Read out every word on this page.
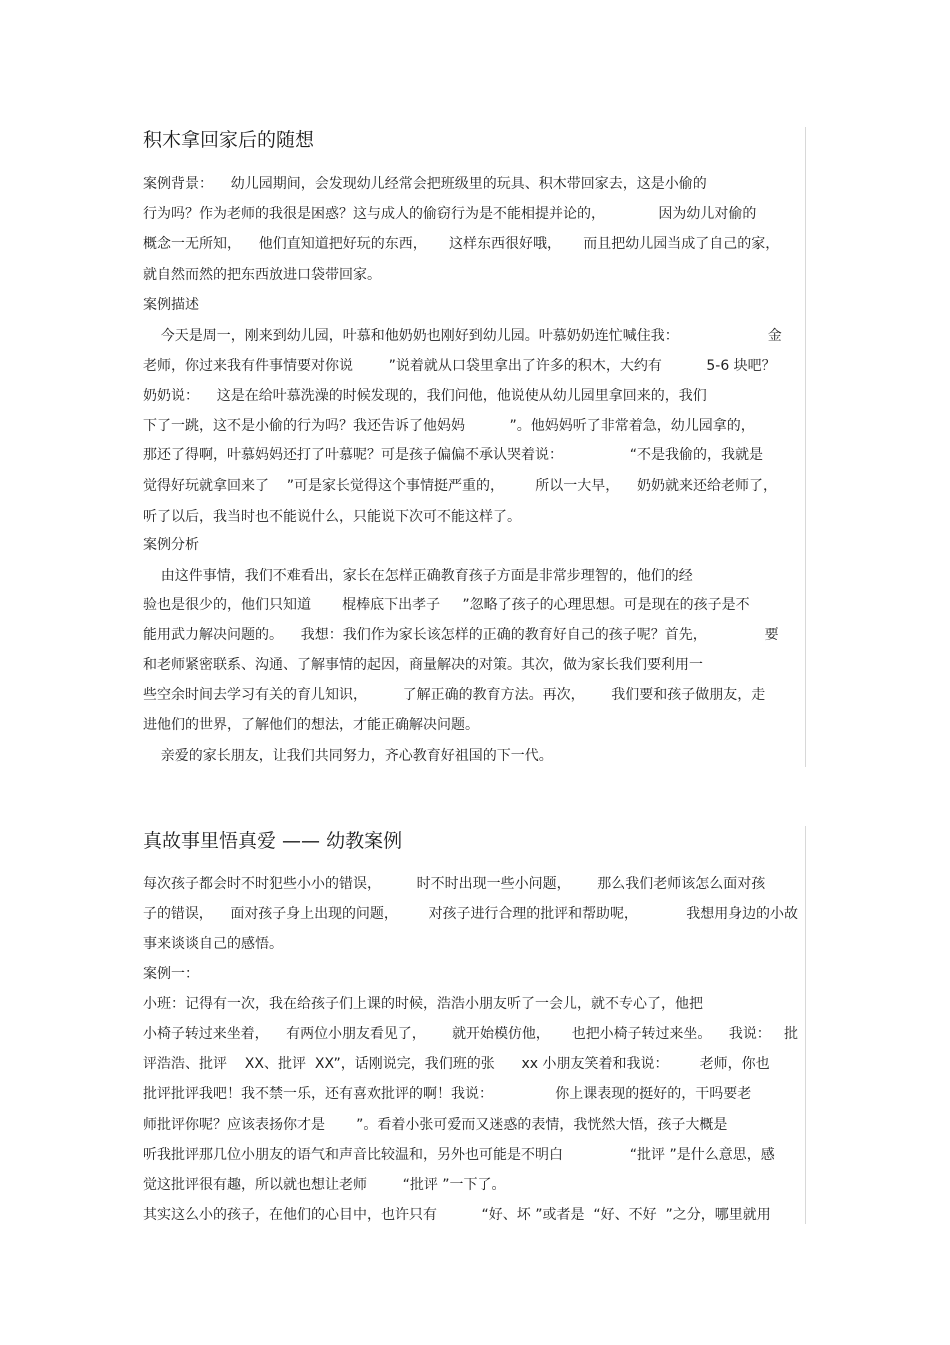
积木拿回家后的随想
案例背景：    幼儿园期间，会发现幼儿经常会把班级里的玩具、积木带回家去，这是小偷的
行为吗？作为老师的我很是困惑？这与成人的偷窃行为是不能相提并论的，            因为幼儿对偷的
概念一无所知，    他们直知道把好玩的东西，     这样东西很好哦，     而且把幼儿园当成了自己的家，
就自然而然的把东西放进口袋带回家。
案例描述
今天是周一，刚来到幼儿园，叶慕和他奶奶也刚好到幼儿园。叶慕奶奶连忙喊住我：                    金
老师，你过来我有件事情要对你说        ”说着就从口袋里拿出了许多的积木，大约有          5-6 块吧？
奶奶说：    这是在给叶慕洗澡的时候发现的，我们问他，他说使从幼儿园里拿回来的，我们
下了一跳，这不是小偷的行为吗？我还告诉了他妈妈          ”。他妈妈听了非常着急，幼儿园拿的，
那还了得啊，叶慕妈妈还打了叶慕呢？可是孩子偏偏不承认哭着说：               “不是我偷的，我就是
觉得好玩就拿回来了    ”可是家长觉得这个事情挺严重的，       所以一大早，    奶奶就来还给老师了，
听了以后，我当时也不能说什么，只能说下次可不能这样了。
案例分析
由这件事情，我们不难看出，家长在怎样正确教育孩子方面是非常步理智的，他们的经
验也是很少的，他们只知道       棍棒底下出孝子     ”忽略了孩子的心理思想。可是现在的孩子是不
能用武力解决问题的。    我想：我们作为家长该怎样的正确的教育好自己的孩子呢？首先，             要
和老师紧密联系、沟通、了解事情的起因，商量解决的对策。其次，做为家长我们要利用一
些空余时间去学习有关的育儿知识，        了解正确的教育方法。再次，      我们要和孩子做朋友，走
进他们的世界，了解他们的想法，才能正确解决问题。
亲爱的家长朋友，让我们共同努力，齐心教育好祖国的下一代。
真故事里悟真爱 —— 幼教案例
每次孩子都会时不时犯些小小的错误，        时不时出现一些小问题，      那么我们老师该怎么面对孩
子的错误，    面对孩子身上出现的问题，       对孩子进行合理的批评和帮助呢，           我想用身边的小故
事来谈谈自己的感悟。
案例一：
小班：记得有一次，我在给孩子们上课的时候，浩浩小朋友听了一会儿，就不专心了，他把
小椅子转过来坐着，    有两位小朋友看见了，      就开始模仿他，     也把小椅子转过来坐。    我说：   批
评浩浩、批评    XX、批评  XX”，话刚说完，我们班的张      xx 小朋友笑着和我说：       老师，你也
批评批评我吧！我不禁一乐，还有喜欢批评的啊！我说：              你上课表现的挺好的，干吗要老
师批评你呢？应该表扬你才是       ”。看着小张可爱而又迷惑的表情，我恍然大悟，孩子大概是
听我批评那几位小朋友的语气和声音比较温和，另外也可能是不明白               “批评 ”是什么意思，感
觉这批评很有趣，所以就也想让老师        “批评 ”一下了。
其实这么小的孩子，在他们的心目中，也许只有          “好、坏 ”或者是  “好、不好  ”之分，哪里就用
